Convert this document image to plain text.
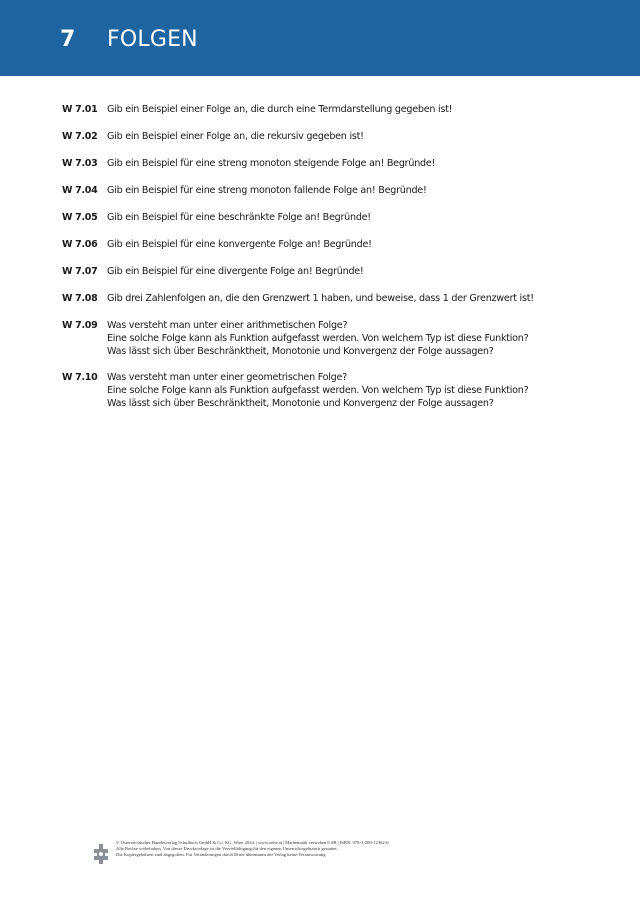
7 FOLGEN
W 7.01 Gib ein Beispiel einer Folge an, die durch eine Termdarstellung gegeben ist!

W 7.02 Gib ein Beispiel einer Folge an, die rekursiv gegeben ist!

W 7.03 Gib ein Beispiel für eine streng monoton steigende Folge an! Begründe!

W 7.04 Gib ein Beispiel für eine streng monoton fallende Folge an! Begründe!

W 7.05 Gib ein Beispiel für eine beschränkte Folge an! Begründe!

W 7.06 Gib ein Beispiel für eine konvergente Folge an! Begründe!

W 7.07 Gib ein Beispiel für eine divergente Folge an! Begründe!

W 7.08 Gib drei Zahlenfolgen an, die den Grenzwert 1 haben, und beweise, dass 1 der Grenzwert ist!

W 7.09 Was versteht man unter einer arithmetischen Folge?
Eine solche Folge kann als Funktion aufgefasst werden. Von welchem Typ ist diese Funktion?
Was lässt sich über Beschränktheit, Monotonie und Konvergenz der Folge aussagen?

W 7.10 Was versteht man unter einer geometrischen Folge?
Eine solche Folge kann als Funktion aufgefasst werden. Von welchem Typ ist diese Funktion?
Was lässt sich über Beschränktheit, Monotonie und Konvergenz der Folge aussagen?

© Österreichischer Bundesverlag Schulbuch GmbH & Co. KG, Wien 2024. | www.oebv.at | Mathematik verstehen 6 SB | ISBN: 978-3-209-12362-6
Alle Rechte vorbehalten. Von dieser Druckvorlage ist die Vervielfältigung für den eigenen Unterrichtsgebrauch gestattet.
Die Kopiergebühren sind abgegolten. Für Veränderungen durch Dritte übernimmt der Verlag keine Verantwortung.
